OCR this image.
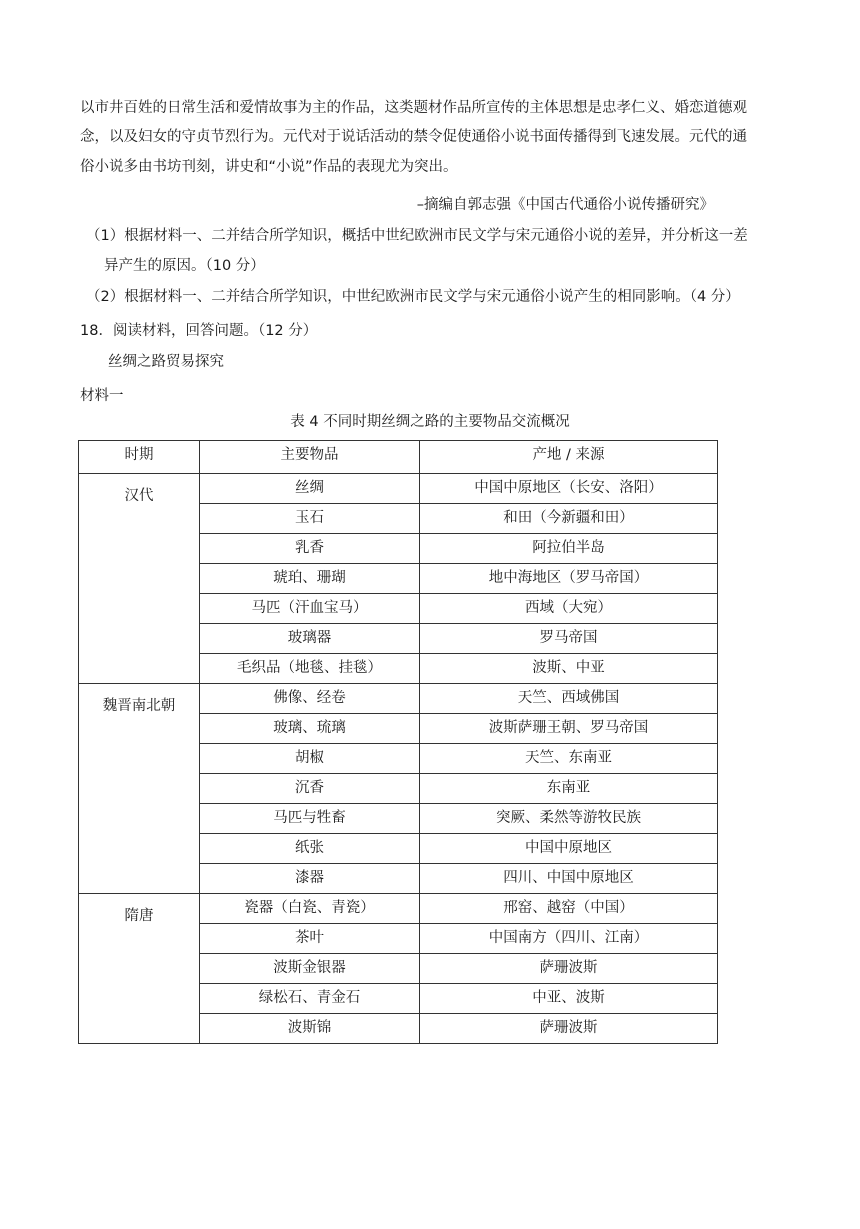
以市井百姓的日常生活和爱情故事为主的作品，这类题材作品所宣传的主体思想是忠孝仁义、婚恋道德观

念，以及妇女的守贞节烈行为。元代对于说话活动的禁令促使通俗小说书面传播得到飞速发展。元代的通

俗小说多由书坊刊刻，讲史和“小说”作品的表现尤为突出。

–摘编自郭志强《中国古代通俗小说传播研究》

（1）根据材料一、二并结合所学知识，概括中世纪欧洲市民文学与宋元通俗小说的差异，并分析这一差

异产生的原因。（10 分）

（2）根据材料一、二并结合所学知识，中世纪欧洲市民文学与宋元通俗小说产生的相同影响。（4 分）

18．阅读材料，回答问题。（12 分）

丝绸之路贸易探究

材料一

表 4 不同时期丝绸之路的主要物品交流概况

时期	主要物品	产地 / 来源
汉代	丝绸	中国中原地区（长安、洛阳）
	玉石	和田（今新疆和田）
	乳香	阿拉伯半岛
	琥珀、珊瑚	地中海地区（罗马帝国）
	马匹（汗血宝马）	西域（大宛）
	玻璃器	罗马帝国
	毛织品（地毯、挂毯）	波斯、中亚
魏晋南北朝	佛像、经卷	天竺、西域佛国
	玻璃、琉璃	波斯萨珊王朝、罗马帝国
	胡椒	天竺、东南亚
	沉香	东南亚
	马匹与牲畜	突厥、柔然等游牧民族
	纸张	中国中原地区
	漆器	四川、中国中原地区
隋唐	瓷器（白瓷、青瓷）	邢窑、越窑（中国）
	茶叶	中国南方（四川、江南）
	波斯金银器	萨珊波斯
	绿松石、青金石	中亚、波斯
	波斯锦	萨珊波斯
